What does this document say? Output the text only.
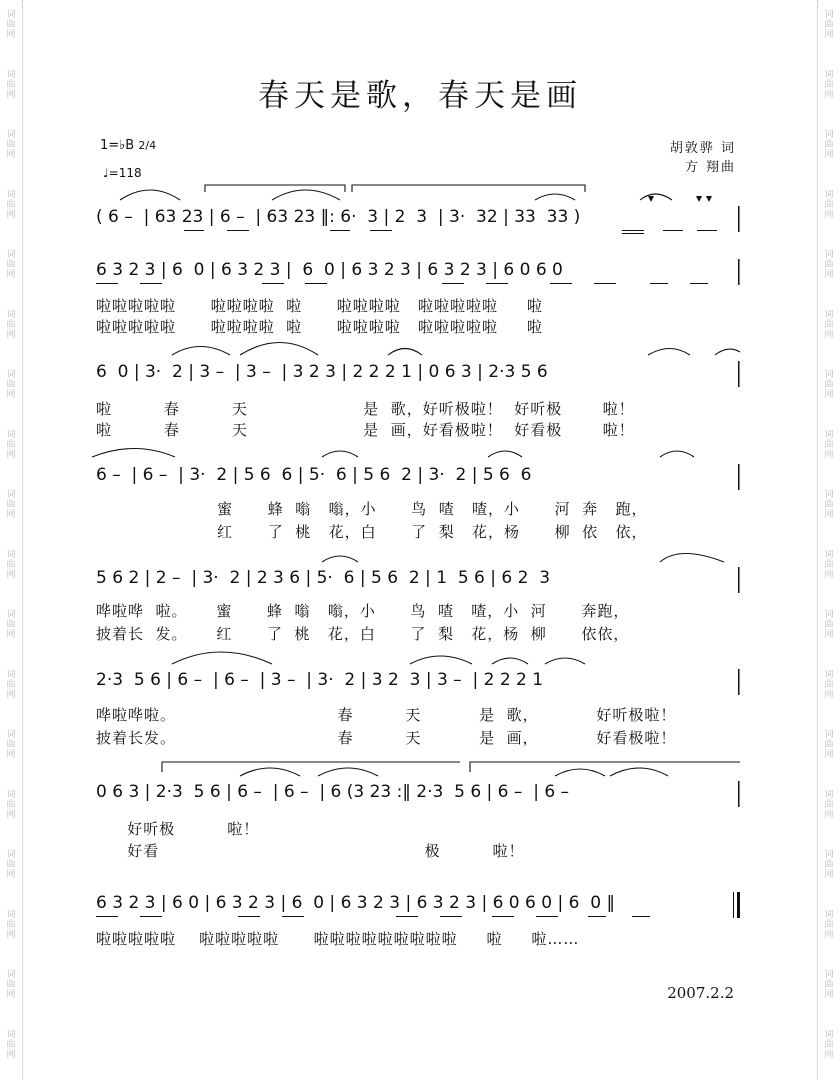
春天是歌，春天是画
1=♭B 2/4
♩=118
胡敦骅 词
方 翔曲
( 6 –  | 63 23 | 6 –  | 63 23 ‖: 6·  3 | 2  3  | 3·  32 | 33  33 )
6 3 2 3 | 6  0 | 6 3 2 3 |  6  0 | 6 3 2 3 | 6 3 2 3 | 6 0 6 0
啦啦啦啦啦      啦啦啦啦  啦      啦啦啦啦   啦啦啦啦啦     啦
啦啦啦啦啦      啦啦啦啦  啦      啦啦啦啦   啦啦啦啦啦     啦
6  0 | 3·  2 | 3 –  | 3 –  | 3 2 3 | 2 2 2 1 | 0 6 3 | 2·3 5 6
啦         春         天                    是  歌，好听极啦！  好听极       啦！
啦         春         天                    是  画，好看极啦！  好看极       啦！
6 –  | 6 –  | 3·  2 | 5 6  6 | 5·  6 | 5 6  2 | 3·  2 | 5 6  6
蜜      蜂  嗡   嗡，小      鸟  喳   喳，小      河  奔   跑，
红      了  桃   花，白      了  梨   花，杨      柳  依   依，
5 6 2 | 2 –  | 3·  2 | 2 3 6 | 5·  6 | 5 6  2 | 1  5 6 | 6 2  3
哗啦哗  啦。     蜜      蜂  嗡   嗡，小      鸟  喳   喳，小  河      奔跑，
披着长  发。     红      了  桃   花，白      了  梨   花，杨  柳      依依，
2·3  5 6 | 6 –  | 6 –  | 3 –  | 3·  2 | 3 2  3 | 3 –  | 2 2 2 1
哗啦哗啦。                            春         天          是  歌，          好听极啦！
披着长发。                            春         天          是  画，          好看极啦！
0 6 3 | 2·3  5 6 | 6 –  | 6 –  | 6 (3 23 :‖ 2·3  5 6 | 6 –  | 6 –
好听极         啦！
好看                                              极         啦！
6 3 2 3 | 6 0 | 6 3 2 3 | 6  0 | 6 3 2 3 | 6 3 2 3 | 6 0 6 0 | 6  0 ‖
啦啦啦啦啦    啦啦啦啦啦      啦啦啦啦啦啦啦啦啦     啦     啦……
2007.2.2
词
曲
网
词
曲
网
词
曲
网
词
曲
网
词
曲
网
词
曲
网
词
曲
网
词
曲
网
词
曲
网
词
曲
网
词
曲
网
词
曲
网
词
曲
网
词
曲
网
词
曲
网
词
曲
网
词
曲
网
词
曲
网
词
曲
网
词
曲
网
词
曲
网
词
曲
网
词
曲
网
词
曲
网
词
曲
网
词
曲
网
词
曲
网
词
曲
网
词
曲
网
词
曲
网
词
曲
网
词
曲
网
词
曲
网
词
曲
网
词
曲
网
词
曲
网
